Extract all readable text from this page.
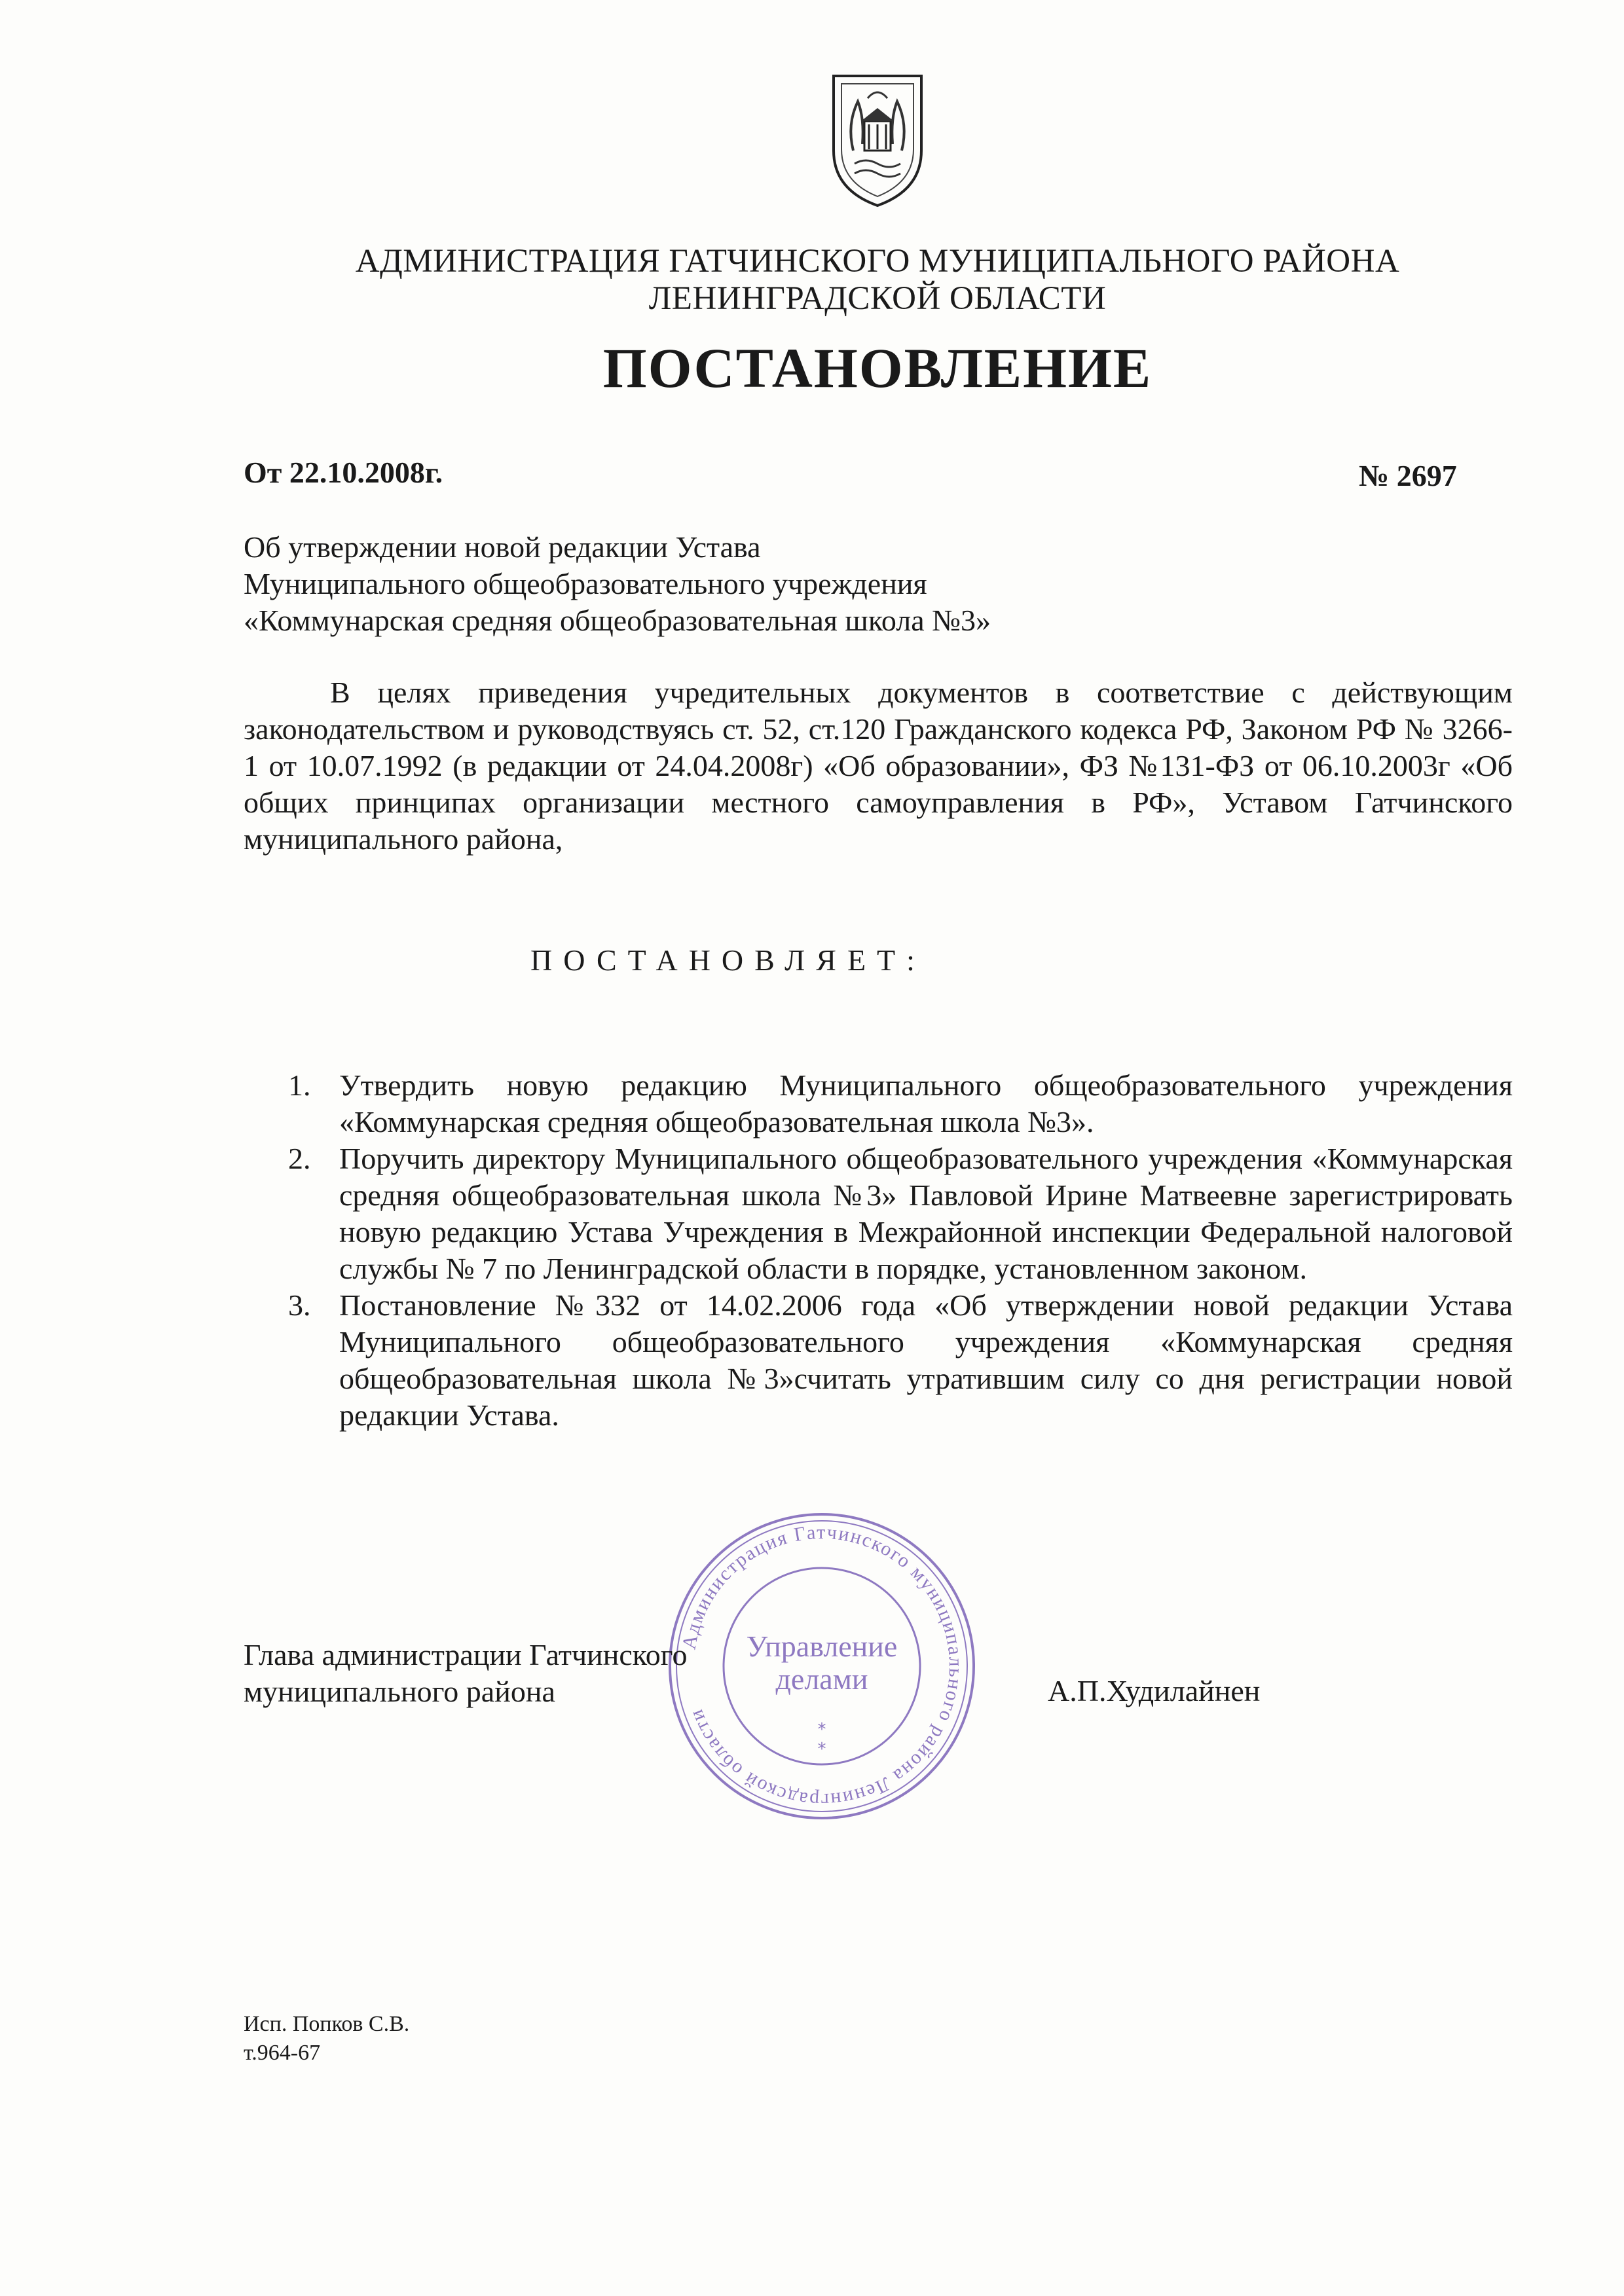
АДМИНИСТРАЦИЯ ГАТЧИНСКОГО МУНИЦИПАЛЬНОГО РАЙОНА
ЛЕНИНГРАДСКОЙ ОБЛАСТИ
ПОСТАНОВЛЕНИЕ
От 22.10.2008г.	№ 2697
Об утверждении новой редакции Устава
Муниципального общеобразовательного учреждения
«Коммунарская средняя общеобразовательная школа №3»
В целях приведения учредительных документов в соответствие с действующим законодательством и руководствуясь ст. 52, ст.120 Гражданского кодекса РФ, Законом РФ № 3266-1 от 10.07.1992 (в редакции от 24.04.2008г) «Об образовании», ФЗ №131-ФЗ от 06.10.2003г «Об общих принципах организации местного самоуправления в РФ», Уставом Гатчинского муниципального района,
ПОСТАНОВЛЯЕТ:
1. Утвердить новую редакцию Муниципального общеобразовательного учреждения «Коммунарская средняя общеобразовательная школа №3».
2. Поручить директору Муниципального общеобразовательного учреждения «Коммунарская средняя общеобразовательная школа №3» Павловой Ирине Матвеевне зарегистрировать новую редакцию Устава Учреждения в Межрайонной инспекции Федеральной налоговой службы № 7 по Ленинградской области в порядке, установленном законом.
3. Постановление №332 от 14.02.2006 года «Об утверждении новой редакции Устава Муниципального общеобразовательного учреждения «Коммунарская средняя общеобразовательная школа №3»считать утратившим силу со дня регистрации новой редакции Устава.
Администрация Гатчинского муниципального района Ленинградской области
Управление
делами
*
*
Глава администрации Гатчинского
муниципального района	А.П.Худилайнен
Исп. Попков С.В.
т.964-67
